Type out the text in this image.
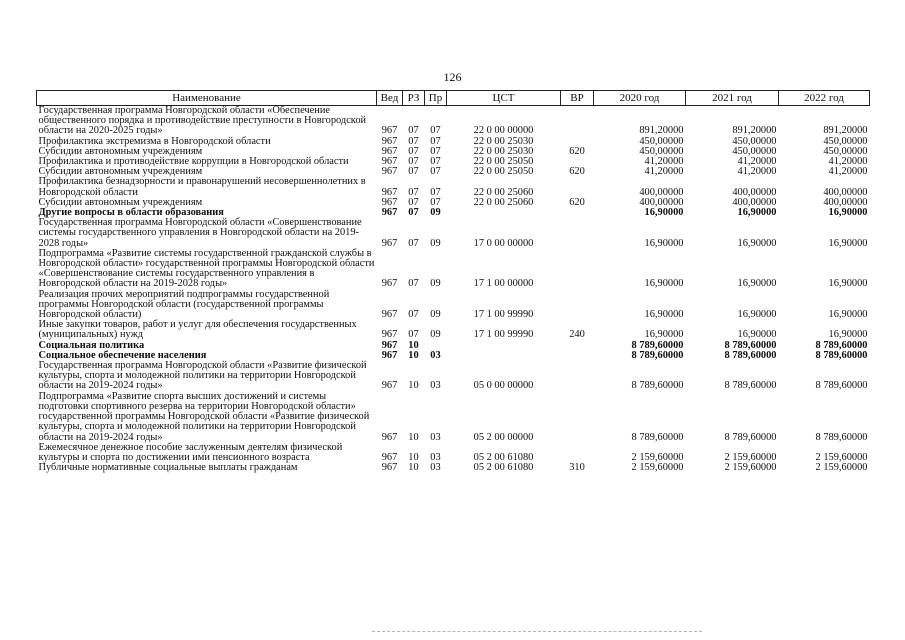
126
Наименование	Вед	РЗ	Пр	ЦСТ	ВР	2020 год	2021 год	2022 год
Государственная программа Новгородской области «Обеспечение общественного порядка и противодействие преступности в Новгородской области на 2020-2025 годы»	967	07	07	22 0 00 00000		891,20000	891,20000	891,20000
Профилактика экстремизма в Новгородской области	967	07	07	22 0 00 25030		450,00000	450,00000	450,00000
Субсидии автономным учреждениям	967	07	07	22 0 00 25030	620	450,00000	450,00000	450,00000
Профилактика и противодействие коррупции в Новгородской области	967	07	07	22 0 00 25050		41,20000	41,20000	41,20000
Субсидии автономным учреждениям	967	07	07	22 0 00 25050	620	41,20000	41,20000	41,20000
Профилактика безнадзорности и правонарушений несовершеннолетних в Новгородской области	967	07	07	22 0 00 25060		400,00000	400,00000	400,00000
Субсидии автономным учреждениям	967	07	07	22 0 00 25060	620	400,00000	400,00000	400,00000
Другие вопросы в области образования	967	07	09			16,90000	16,90000	16,90000
Государственная программа Новгородской области «Совершенствование системы государственного управления в Новгородской области на 2019-2028 годы»	967	07	09	17 0 00 00000		16,90000	16,90000	16,90000
Подпрограмма «Развитие системы государственной гражданской службы в Новгородской области» государственной программы Новгородской области «Совершенствование системы государственного управления в Новгородской области на 2019-2028 годы»	967	07	09	17 1 00 00000		16,90000	16,90000	16,90000
Реализация прочих мероприятий подпрограммы государственной программы Новгородской области (государственной программы Новгородской области)	967	07	09	17 1 00 99990		16,90000	16,90000	16,90000
Иные закупки товаров, работ и услуг для обеспечения государственных (муниципальных) нужд	967	07	09	17 1 00 99990	240	16,90000	16,90000	16,90000
Социальная политика	967	10				8 789,60000	8 789,60000	8 789,60000
Социальное обеспечение населения	967	10	03			8 789,60000	8 789,60000	8 789,60000
Государственная программа Новгородской области «Развитие физической культуры, спорта и молодежной политики на территории Новгородской области на 2019-2024 годы»	967	10	03	05 0 00 00000		8 789,60000	8 789,60000	8 789,60000
Подпрограмма «Развитие спорта высших достижений и системы подготовки спортивного резерва на территории Новгородской области» государственной программы Новгородской области «Развитие физической культуры, спорта и молодежной политики на территории Новгородской области на 2019-2024 годы»	967	10	03	05 2 00 00000		8 789,60000	8 789,60000	8 789,60000
Ежемесячное денежное пособие заслуженным деятелям физической культуры и спорта по достижении ими пенсионного возраста	967	10	03	05 2 00 61080		2 159,60000	2 159,60000	2 159,60000
Публичные нормативные социальные выплаты гражданам	967	10	03	05 2 00 61080	310	2 159,60000	2 159,60000	2 159,60000
